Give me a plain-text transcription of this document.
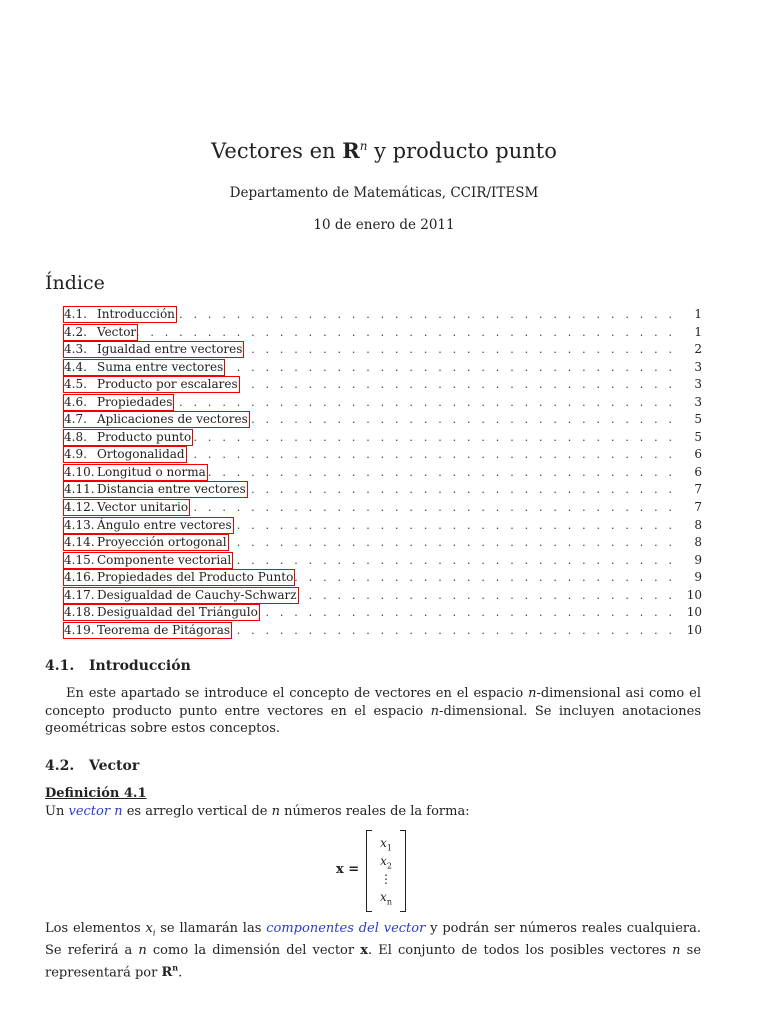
Vectores en $R^n$ y producto punto
Departamento de Matemáticas, CCIR/ITESM
10 de enero de 2011
Índice
. . .
4.1. Introducción	1
. . .
4.2. Vector	1
. . .
4.3. Igualdad entre vectores	2
. . .
4.4. Suma entre vectores	3
. . .
4.5. Producto por escalares	3
. . .
4.6. Propiedades	3
. . .
4.7. Aplicaciones de vectores	5
. . .
4.8. Producto punto	5
. . .
4.9. Ortogonalidad	6
. . .
4.10. Longitud o norma	6
. . .
4.11. Distancia entre vectores	7
. . .
4.12. Vector unitario	7
. . .
4.13. Ángulo entre vectores	8
. . .
4.14. Proyección ortogonal	8
. . .
4.15. Componente vectorial	9
. . .
4.16. Propiedades del Producto Punto	9
. . .
4.17. Desigualdad de Cauchy-Schwarz	10
. . .
4.18. Desigualdad del Triángulo	10
. . .
4.19. Teorema de Pitágoras	10
4.1. Introducción
En este apartado se introduce el concepto de vectores en el espacio n-dimensional asi como el concepto producto punto entre vectores en el espacio n-dimensional. Se incluyen anotaciones geométricas sobre estos conceptos.
4.2. Vector
Definición 4.1
Un vector n es arreglo vertical de n números reales de la forma:
x =
$x_1$
$x_2$
⋮
$x_n$
Los elementos $x_i$ se llamarán las componentes del vector y podrán ser números reales cualquiera. Se referirá a n como la dimensión del vector x. El conjunto de todos los posibles vectores n se representará por $R^n$.
